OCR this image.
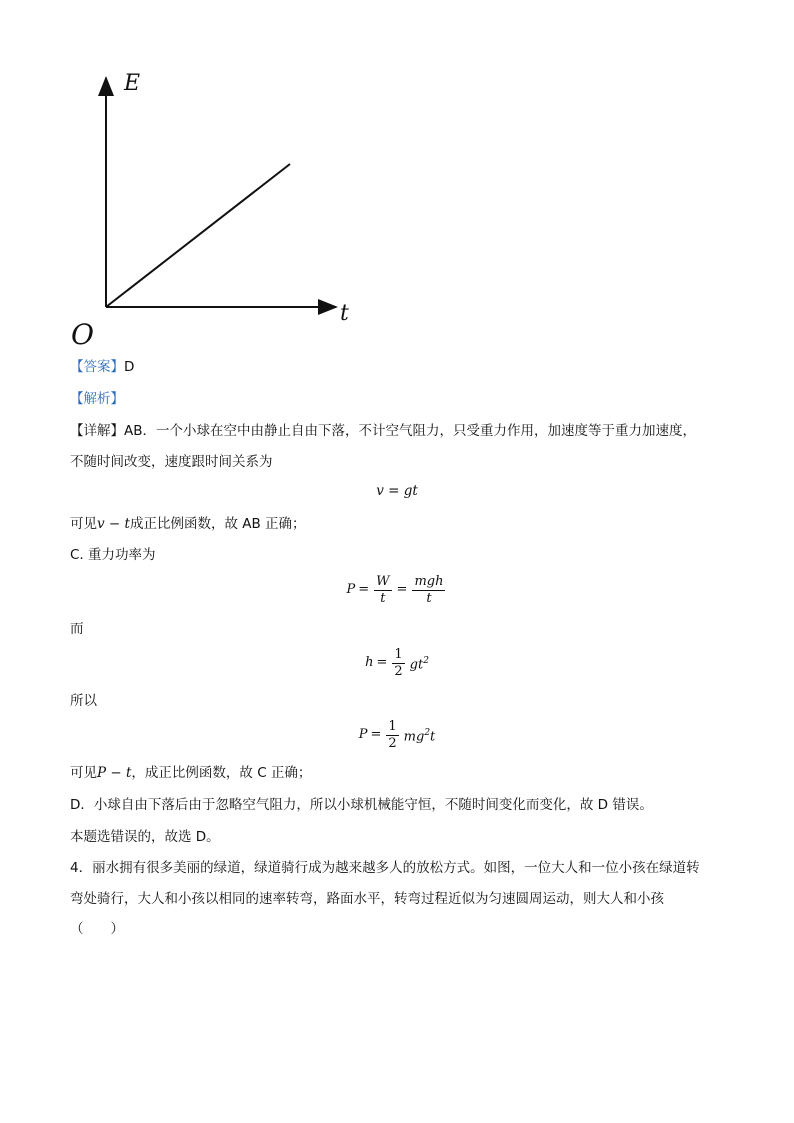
E
t
O
【答案】D
【解析】
【详解】AB．一个小球在空中由静止自由下落，不计空气阻力，只受重力作用，加速度等于重力加速度，
不随时间改变，速度跟时间关系为
v = gt
可见v − t成正比例函数，故 AB 正确；
C. 重力功率为
$P = \frac{W}{t} = \frac{\text{mgh}}{t}$
而
$h = \frac{1}{2} gt^2$
所以
$P = \frac{1}{2} mg^2t$
可见P − t，成正比例函数，故 C 正确；
D．小球自由下落后由于忽略空气阻力，所以小球机械能守恒，不随时间变化而变化，故 D 错误。
本题选错误的，故选 D。
4．丽水拥有很多美丽的绿道，绿道骑行成为越来越多人的放松方式。如图，一位大人和一位小孩在绿道转
弯处骑行，大人和小孩以相同的速率转弯，路面水平，转弯过程近似为匀速圆周运动，则大人和小孩
（　　）
